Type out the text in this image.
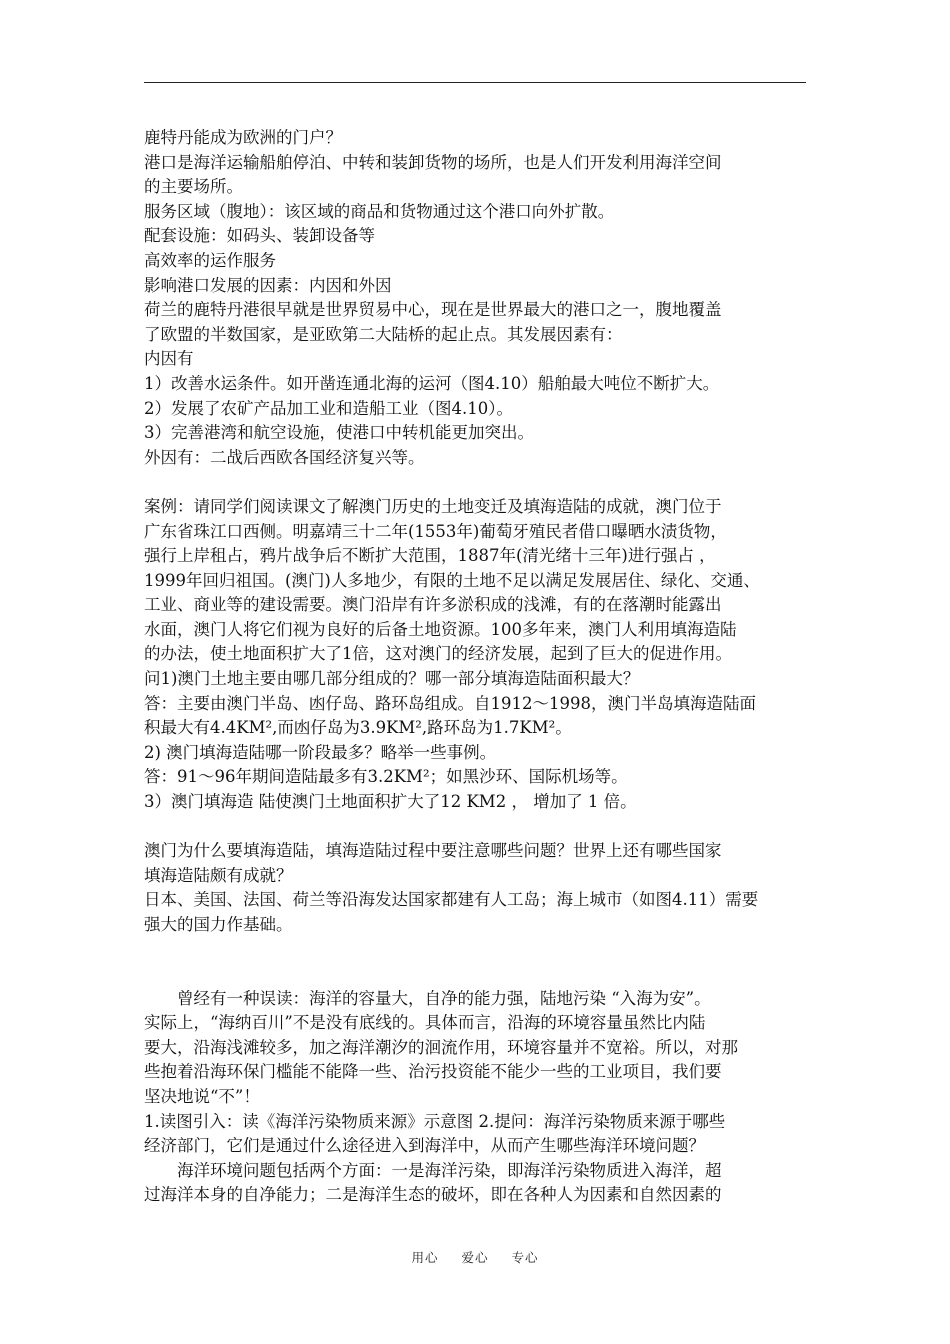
鹿特丹能成为欧洲的门户？

港口是海洋运输船舶停泊、中转和装卸货物的场所，也是人们开发利用海洋空间

的主要场所。

服务区域（腹地）：该区域的商品和货物通过这个港口向外扩散。

配套设施：如码头、装卸设备等

高效率的运作服务

影响港口发展的因素：内因和外因

荷兰的鹿特丹港很早就是世界贸易中心，现在是世界最大的港口之一，腹地覆盖

了欧盟的半数国家，是亚欧第二大陆桥的起止点。其发展因素有：

内因有

1）改善水运条件。如开凿连通北海的运河（图4.10）船舶最大吨位不断扩大。

2）发展了农矿产品加工业和造船工业（图4.10）。

3）完善港湾和航空设施，使港口中转机能更加突出。

外因有：二战后西欧各国经济复兴等。

案例：请同学们阅读课文了解澳门历史的土地变迁及填海造陆的成就，澳门位于

广东省珠江口西侧。明嘉靖三十二年(1553年)葡萄牙殖民者借口曝晒水渍货物，

强行上岸租占，鸦片战争后不断扩大范围，1887年(清光绪十三年)进行强占 ，

1999年回归祖国。(澳门)人多地少，有限的土地不足以满足发展居住、绿化、交通、

工业、商业等的建设需要。澳门沿岸有许多淤积成的浅滩，有的在落潮时能露出

水面，澳门人将它们视为良好的后备土地资源。100多年来，澳门人利用填海造陆

的办法，使土地面积扩大了1倍，这对澳门的经济发展，起到了巨大的促进作用。

问1)澳门土地主要由哪几部分组成的？哪一部分填海造陆面积最大？

答：主要由澳门半岛、凼仔岛、路环岛组成。自1912～1998，澳门半岛填海造陆面

积最大有4.4KM²,而凼仔岛为3.9KM²,路环岛为1.7KM²。

2) 澳门填海造陆哪一阶段最多？略举一些事例。

答：91～96年期间造陆最多有3.2KM²；如黑沙环、国际机场等。

3）澳门填海造 陆使澳门土地面积扩大了12 KM2 ， 增加了 1 倍。

澳门为什么要填海造陆，填海造陆过程中要注意哪些问题？世界上还有哪些国家

填海造陆颇有成就？

日本、美国、法国、荷兰等沿海发达国家都建有人工岛；海上城市（如图4.11）需要

强大的国力作基础。

曾经有一种误读：海洋的容量大，自净的能力强，陆地污染 “入海为安”。

实际上，“海纳百川”不是没有底线的。具体而言，沿海的环境容量虽然比内陆

要大，沿海浅滩较多，加之海洋潮汐的洄流作用，环境容量并不宽裕。所以，对那

些抱着沿海环保门槛能不能降一些、治污投资能不能少一些的工业项目，我们要

坚决地说“不”！

1.读图引入：读《海洋污染物质来源》示意图 2.提问：海洋污染物质来源于哪些

经济部门，它们是通过什么途径进入到海洋中，从而产生哪些海洋环境问题？

海洋环境问题包括两个方面：一是海洋污染，即海洋污染物质进入海洋，超

过海洋本身的自净能力；二是海洋生态的破坏，即在各种人为因素和自然因素的

用心 爱心 专心
